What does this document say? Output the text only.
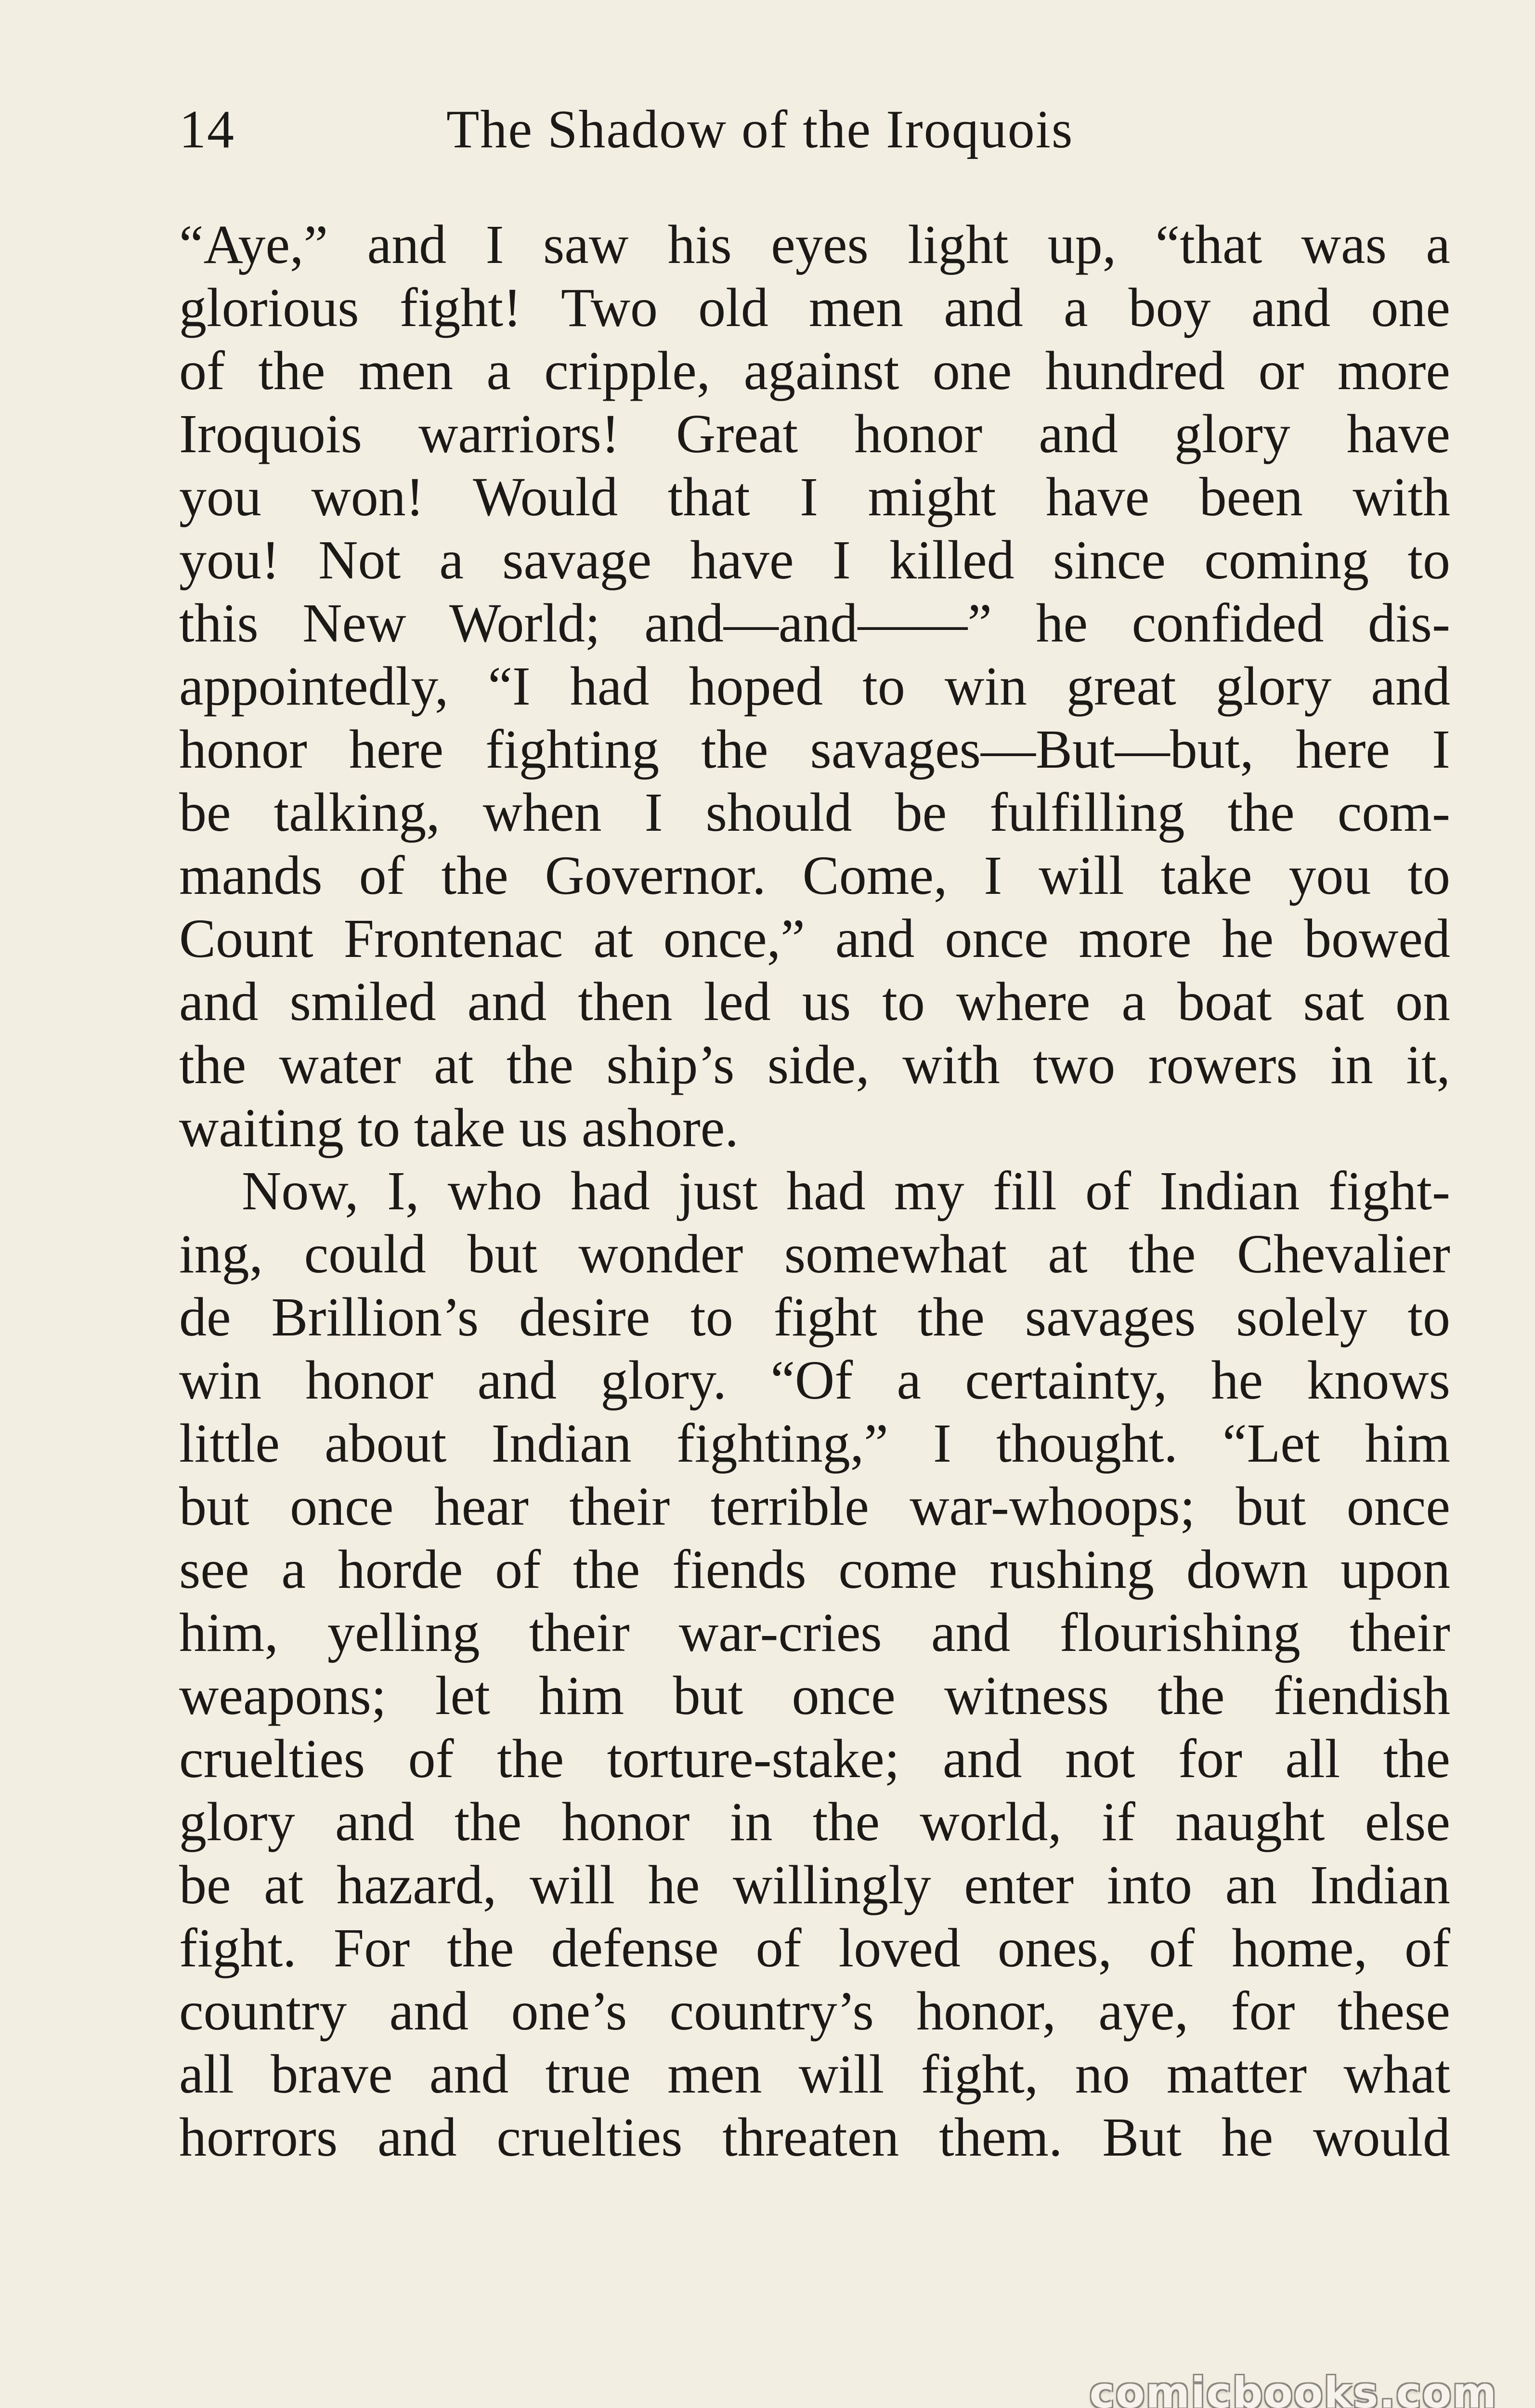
14	The Shadow of the Iroquois
“Aye,” and I saw his eyes light up, “that was a
glorious fight! Two old men and a boy and one
of the men a cripple, against one hundred or more
Iroquois warriors! Great honor and glory have
you won! Would that I might have been with
you! Not a savage have I killed since coming to
this New World; and—and——” he confided dis-
appointedly, “I had hoped to win great glory and
honor here fighting the savages—But—but, here I
be talking, when I should be fulfilling the com-
mands of the Governor. Come, I will take you to
Count Frontenac at once,” and once more he bowed
and smiled and then led us to where a boat sat on
the water at the ship’s side, with two rowers in it,
waiting to take us ashore.
Now, I, who had just had my fill of Indian fight-
ing, could but wonder somewhat at the Chevalier
de Brillion’s desire to fight the savages solely to
win honor and glory. “Of a certainty, he knows
little about Indian fighting,” I thought. “Let him
but once hear their terrible war-whoops; but once
see a horde of the fiends come rushing down upon
him, yelling their war-cries and flourishing their
weapons; let him but once witness the fiendish
cruelties of the torture-stake; and not for all the
glory and the honor in the world, if naught else
be at hazard, will he willingly enter into an Indian
fight. For the defense of loved ones, of home, of
country and one’s country’s honor, aye, for these
all brave and true men will fight, no matter what
horrors and cruelties threaten them. But he would
comicbooks.com
